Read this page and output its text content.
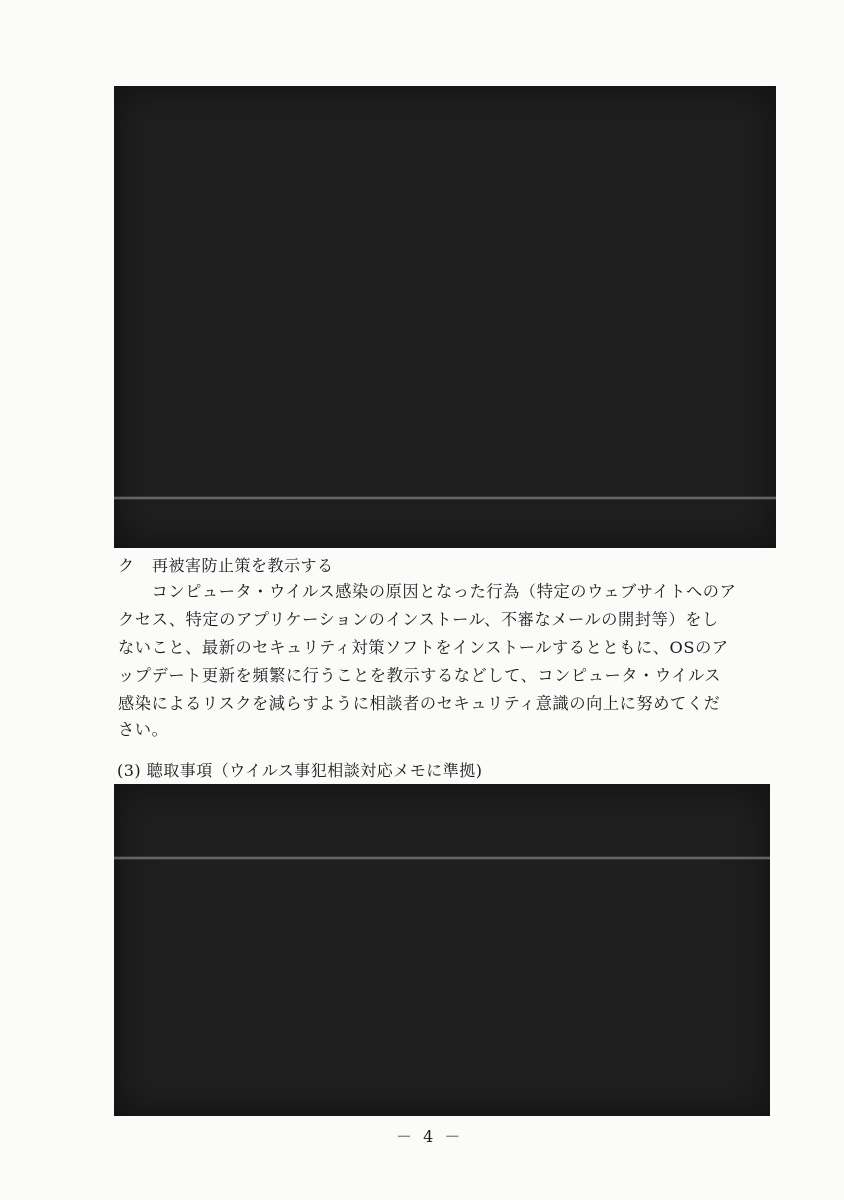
ク 再被害防止策を教示する
　　コンピュータ・ウイルス感染の原因となった行為（特定のウェブサイトへのア
クセス、特定のアプリケーションのインストール、不審なメールの開封等）をし
ないこと、最新のセキュリティ対策ソフトをインストールするとともに、OSのア
ップデート更新を頻繁に行うことを教示するなどして、コンピュータ・ウイルス
感染によるリスクを減らすように相談者のセキュリティ意識の向上に努めてくだ
さい。
(3) 聴取事項（ウイルス事犯相談対応メモに準拠)
－ 4 －
